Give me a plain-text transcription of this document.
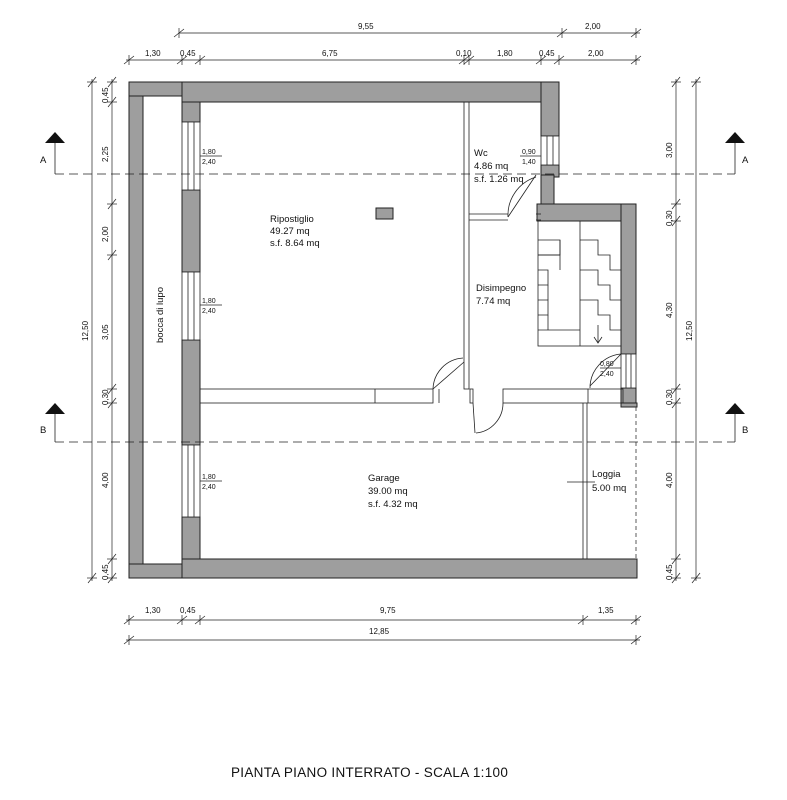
1,80
2,40
1,80
2,40
1,80
2,40
0,90
1,40
0,80
2,40
A	A
B	B
Ripostiglio
49.27 mq
s.f. 8.64 mq
Wc
4.86 mq
s.f. 1.26 mq
Disimpegno
7.74 mq
Garage
39.00 mq
s.f. 4.32 mq
Loggia
5.00 mq
bocca di lupo
9,55	2,00
1,30 0,45	6,75	0,10	1,80	0,45	2,00
1,30 0,45	9,75	1,35
12,85
0,45
2,25
2,00
3,05
0,30
4,00
0,45
12,50
3,00
0,30
4,30
0,30
4,00
0,45
12,50
PIANTA PIANO INTERRATO - SCALA 1:100
